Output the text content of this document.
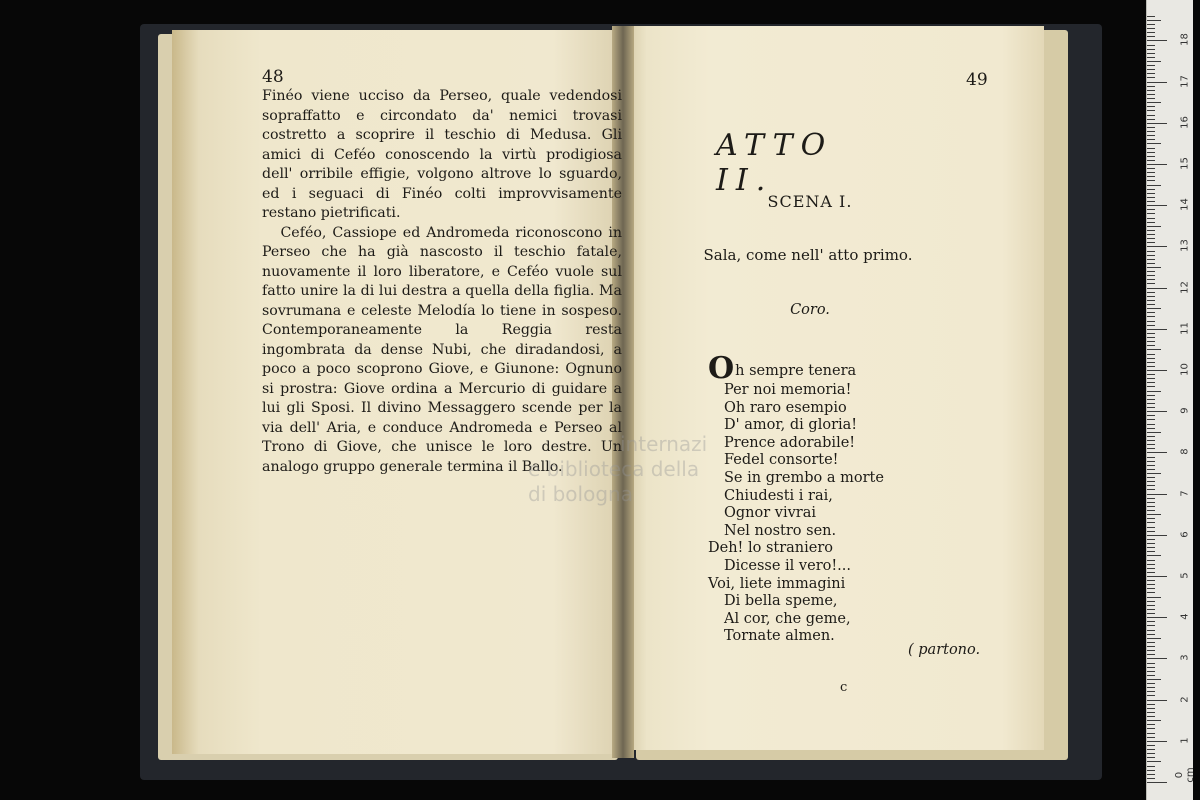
48

Finéo viene ucciso da Perseo, quale vedendosi sopraffatto e circondato da' nemici trovasi costretto a scoprire il teschio di Medusa. Gli amici di Ceféo conoscendo la virtù prodigiosa dell' orribile effigie, volgono altrove lo sguardo, ed i seguaci di Finéo colti improvvisamente restano pietrificati.

Ceféo, Cassiope ed Andromeda riconoscono in Perseo che ha già nascosto il teschio fatale, nuovamente il loro liberatore, e Ceféo vuole sul fatto unire la di lui destra a quella della figlia. Ma sovrumana e celeste Melodía lo tiene in sospeso. Contemporaneamente la Reggia resta ingombrata da dense Nubi, che diradandosi, a poco a poco scoprono Giove, e Giunone: Ognuno si prostra: Giove ordina a Mercurio di guidare a lui gli Sposi. Il divino Messaggero scende per la via dell' Aria, e conduce Andromeda e Perseo al Trono di Giove, che unisce le loro destre. Un analogo gruppo generale termina il Ballo.

49
ATTO II.
SCENA I.
Sala, come nell' atto primo.
Coro.
Oh sempre tenera
Per noi memoria!
Oh raro esempio
D' amor, di gloria!
Prence adorabile!
Fedel consorte!
Se in grembo a morte
Chiudesti i rai,
Ognor vivrai
Nel nostro sen.
Deh! lo straniero
Dicesse il vero!...
Voi, liete immagini
Di bella speme,
Al cor, che geme,
Tornate almen.
( partono.
c
internazi
e biblioteca della
di bologna
0 cm
1
2
3
4
5
6
7
8
9
10
11
12
13
14
15
16
17
18
